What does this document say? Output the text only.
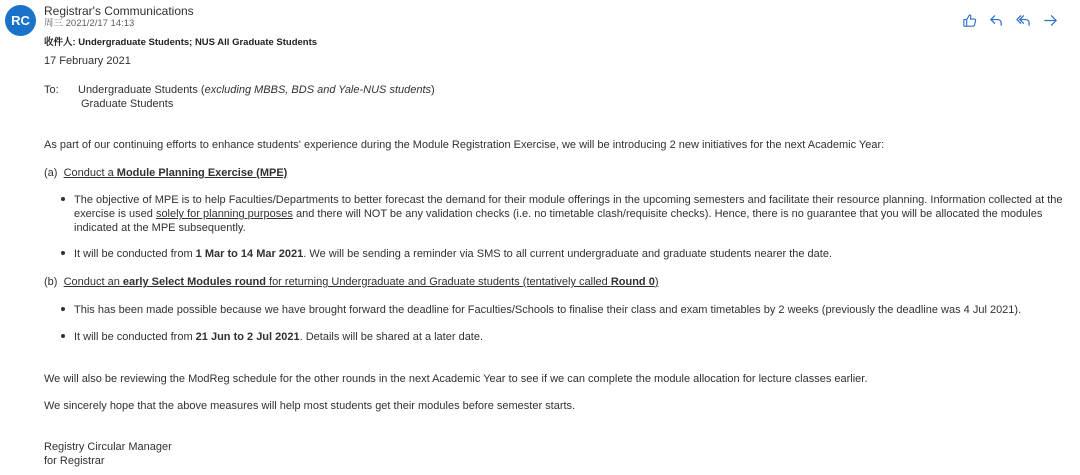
RC
Registrar's Communications
周三 2021/2/17 14:13
收件人: Undergraduate Students; NUS All Graduate Students
17 February 2021
To: Undergraduate Students (excluding MBBS, BDS and Yale-NUS students)
Graduate Students
As part of our continuing efforts to enhance students' experience during the Module Registration Exercise, we will be introducing 2 new initiatives for the next Academic Year:
(a) Conduct a Module Planning Exercise (MPE)
The objective of MPE is to help Faculties/Departments to better forecast the demand for their module offerings in the upcoming semesters and facilitate their resource planning. Information collected at the exercise is used solely for planning purposes and there will NOT be any validation checks (i.e. no timetable clash/requisite checks). Hence, there is no guarantee that you will be allocated the modules indicated at the MPE subsequently.
It will be conducted from 1 Mar to 14 Mar 2021. We will be sending a reminder via SMS to all current undergraduate and graduate students nearer the date.
(b) Conduct an early Select Modules round for returning Undergraduate and Graduate students (tentatively called Round 0)
This has been made possible because we have brought forward the deadline for Faculties/Schools to finalise their class and exam timetables by 2 weeks (previously the deadline was 4 Jul 2021).
It will be conducted from 21 Jun to 2 Jul 2021. Details will be shared at a later date.
We will also be reviewing the ModReg schedule for the other rounds in the next Academic Year to see if we can complete the module allocation for lecture classes earlier.
We sincerely hope that the above measures will help most students get their modules before semester starts.
Registry Circular Manager
for Registrar
